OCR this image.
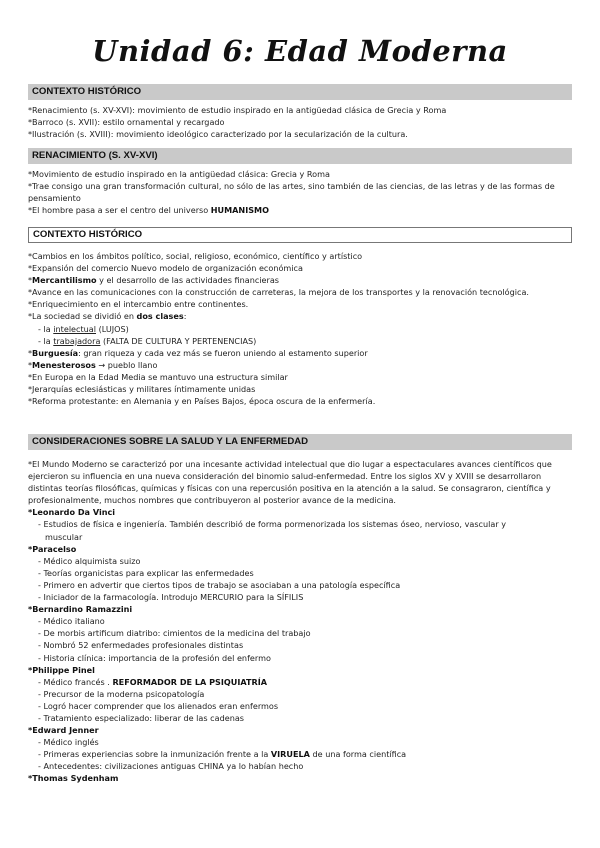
Unidad 6: Edad Moderna
CONTEXTO HISTÓRICO
*Renacimiento (s. XV-XVI): movimiento de estudio inspirado en la antigüedad clásica de Grecia y Roma
*Barroco (s. XVII): estilo ornamental y recargado
*Ilustración (s. XVIII): movimiento ideológico caracterizado por la secularización de la cultura.
RENACIMIENTO (S. XV-XVI)
*Movimiento de estudio inspirado en la antigüedad clásica: Grecia y Roma
*Trae consigo una gran transformación cultural, no sólo de las artes, sino también de las ciencias, de las letras y de las formas de pensamiento
*El hombre pasa a ser el centro del universo HUMANISMO
CONTEXTO HISTÓRICO
*Cambios en los ámbitos político, social, religioso, económico, científico y artístico
*Expansión del comercio Nuevo modelo de organización económica
*Mercantilismo y el desarrollo de las actividades financieras
*Avance en las comunicaciones con la construcción de carreteras, la mejora de los transportes y la renovación tecnológica.
*Enriquecimiento en el intercambio entre continentes.
*La sociedad se dividió en dos clases:
- la intelectual (LUJOS)
- la trabajadora (FALTA DE CULTURA Y PERTENENCIAS)
*Burguesía: gran riqueza y cada vez más se fueron uniendo al estamento superior
*Menesterosos → pueblo llano
*En Europa en la Edad Media se mantuvo una estructura similar
*Jerarquías eclesiásticas y militares íntimamente unidas
*Reforma protestante: en Alemania y en Países Bajos, época oscura de la enfermería.
CONSIDERACIONES SOBRE LA SALUD Y LA ENFERMEDAD
*El Mundo Moderno se caracterizó por una incesante actividad intelectual que dio lugar a espectaculares avances científicos que ejercieron su influencia en una nueva consideración del binomio salud-enfermedad. Entre los siglos XV y XVIII se desarrollaron distintas teorías filosóficas, químicas y físicas con una repercusión positiva en la atención a la salud. Se consagraron, científica y profesionalmente, muchos nombres que contribuyeron al posterior avance de la medicina.
*Leonardo Da Vinci
- Estudios de física e ingeniería. También describió de forma pormenorizada los sistemas óseo, nervioso, vascular y
muscular
*Paracelso
- Médico alquimista suizo
- Teorías organicistas para explicar las enfermedades
- Primero en advertir que ciertos tipos de trabajo se asociaban a una patología específica
- Iniciador de la farmacología. Introdujo MERCURIO para la SÍFILIS
*Bernardino Ramazzini
- Médico italiano
- De morbis artificum diatribo: cimientos de la medicina del trabajo
- Nombró 52 enfermedades profesionales distintas
- Historia clínica: importancia de la profesión del enfermo
*Philippe Pinel
- Médico francés . REFORMADOR DE LA PSIQUIATRÍA
- Precursor de la moderna psicopatología
- Logró hacer comprender que los alienados eran enfermos
- Tratamiento especializado: liberar de las cadenas
*Edward Jenner
- Médico inglés
- Primeras experiencias sobre la inmunización frente a la VIRUELA de una forma científica
- Antecedentes: civilizaciones antiguas CHINA ya lo habían hecho
*Thomas Sydenham
